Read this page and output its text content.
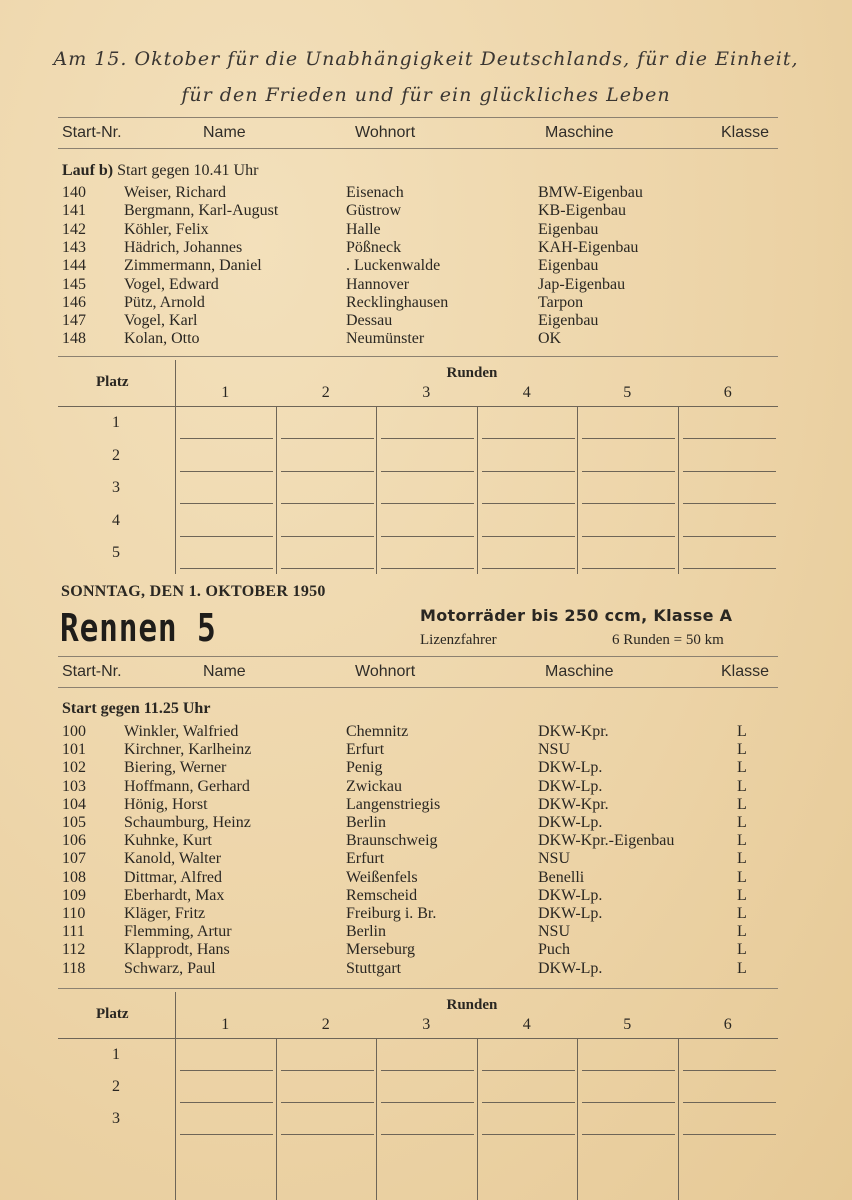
Am 15. Oktober für die Unabhängigkeit Deutschlands, für die Einheit,
für den Frieden und für ein glückliches Leben
Start-Nr.	Name	Wohnort	Maschine	Klasse
Lauf b) Start gegen 10.41 Uhr
140 Weiser, Richard	Eisenach	BMW-Eigenbau
141 Bergmann, Karl-August	Güstrow	KB-Eigenbau
142 Köhler, Felix	Halle	Eigenbau
143 Hädrich, Johannes	Pößneck	KAH-Eigenbau
144 Zimmermann, Daniel	. Luckenwalde	Eigenbau
145 Vogel, Edward	Hannover	Jap-Eigenbau
146 Pütz, Arnold	Recklinghausen	Tarpon
147 Vogel, Karl	Dessau	Eigenbau
148 Kolan, Otto	Neumünster	OK
Platz
Runden
1	2	3	4	5	6
1
2
3
4
5
SONNTAG, DEN 1. OKTOBER 1950
Rennen 5	Motorräder bis 250 ccm, Klasse A
Lizenzfahrer	6 Runden = 50 km
Start-Nr.	Name	Wohnort	Maschine	Klasse
Start gegen 11.25 Uhr
100 Winkler, Walfried	Chemnitz	DKW-Kpr.	L
101 Kirchner, Karlheinz	Erfurt	NSU	L
102 Biering, Werner	Penig	DKW-Lp.	L
103 Hoffmann, Gerhard	Zwickau	DKW-Lp.	L
104 Hönig, Horst	Langenstriegis	DKW-Kpr.	L
105 Schaumburg, Heinz	Berlin	DKW-Lp.	L
106 Kuhnke, Kurt	Braunschweig	DKW-Kpr.-Eigenbau	L
107 Kanold, Walter	Erfurt	NSU	L
108 Dittmar, Alfred	Weißenfels	Benelli	L
109 Eberhardt, Max	Remscheid	DKW-Lp.	L
110 Kläger, Fritz	Freiburg i. Br.	DKW-Lp.	L
111 Flemming, Artur	Berlin	NSU	L
112 Klapprodt, Hans	Merseburg	Puch	L
118 Schwarz, Paul	Stuttgart	DKW-Lp.	L
Platz
Runden
1	2	3	4	5	6
1
2
3
